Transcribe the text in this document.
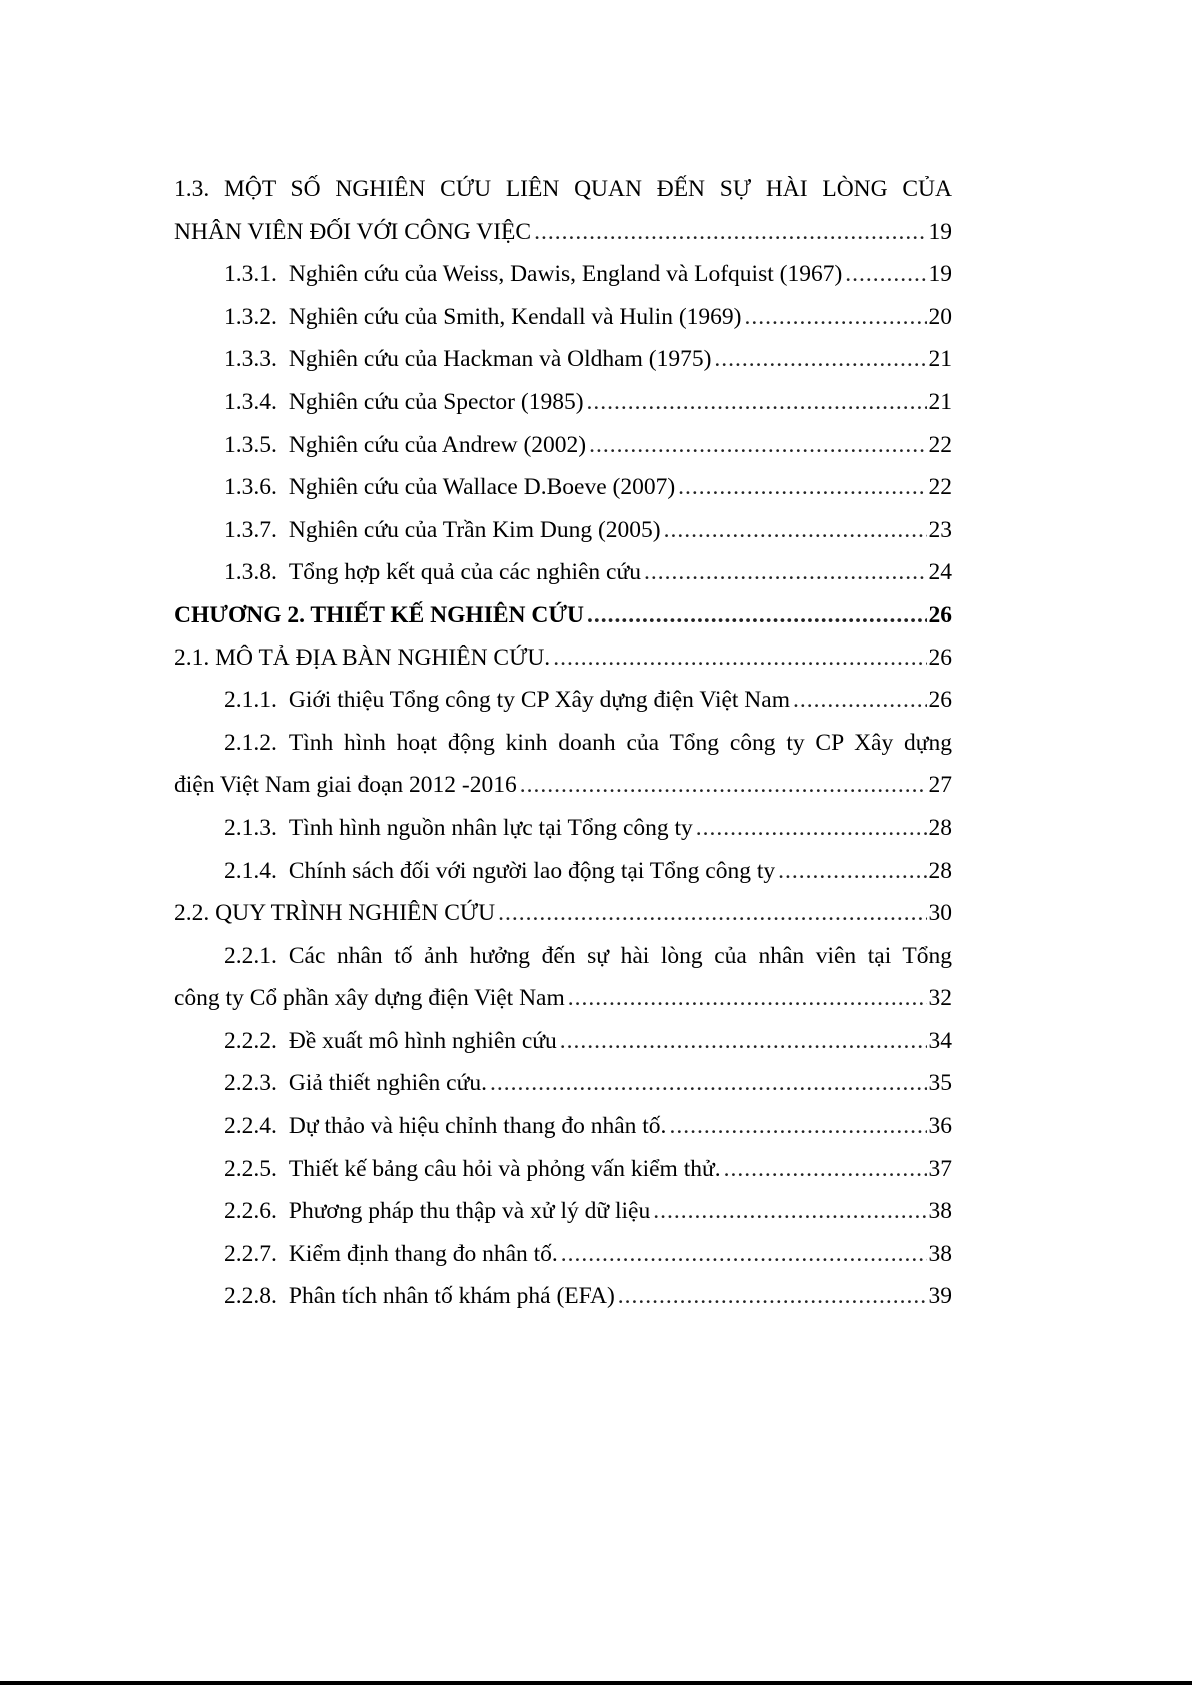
1.3. MỘT SỐ NGHIÊN CỨU LIÊN QUAN ĐẾN SỰ HÀI LÒNG CỦA
NHÂN VIÊN ĐỐI VỚI CÔNG VIỆC .....	19
1.3.1. Nghiên cứu của Weiss, Dawis, England và Lofquist (1967) .....	19
1.3.2. Nghiên cứu của Smith, Kendall và Hulin (1969) .....	20
1.3.3. Nghiên cứu của Hackman và Oldham (1975) .....	21
1.3.4. Nghiên cứu của Spector (1985) .....	21
1.3.5. Nghiên cứu của Andrew (2002) .....	22
1.3.6. Nghiên cứu của Wallace D.Boeve (2007) .....	22
1.3.7. Nghiên cứu của Trần Kim Dung (2005) .....	23
1.3.8. Tổng hợp kết quả của các nghiên cứu .....	24
CHƯƠNG 2. THIẾT KẾ NGHIÊN CỨU .....	26
2.1. MÔ TẢ ĐỊA BÀN NGHIÊN CỨU. .....	26
2.1.1. Giới thiệu Tổng công ty CP Xây dựng điện Việt Nam .....	26
2.1.2. Tình hình hoạt động kinh doanh của Tổng công ty CP Xây dựng
điện Việt Nam giai đoạn 2012 -2016 .....	27
2.1.3. Tình hình nguồn nhân lực tại Tổng công ty .....	28
2.1.4. Chính sách đối với người lao động tại Tổng công ty .....	28
2.2. QUY TRÌNH NGHIÊN CỨU .....	30
2.2.1. Các nhân tố ảnh hưởng đến sự hài lòng của nhân viên tại Tổng
công ty Cổ phần xây dựng điện Việt Nam .....	32
2.2.2. Đề xuất mô hình nghiên cứu .....	34
2.2.3. Giả thiết nghiên cứu. .....	35
2.2.4. Dự thảo và hiệu chỉnh thang đo nhân tố. .....	36
2.2.5. Thiết kế bảng câu hỏi và phỏng vấn kiểm thử. .....	37
2.2.6. Phương pháp thu thập và xử lý dữ liệu .....	38
2.2.7. Kiểm định thang đo nhân tố. .....	38
2.2.8. Phân tích nhân tố khám phá (EFA) .....	39
